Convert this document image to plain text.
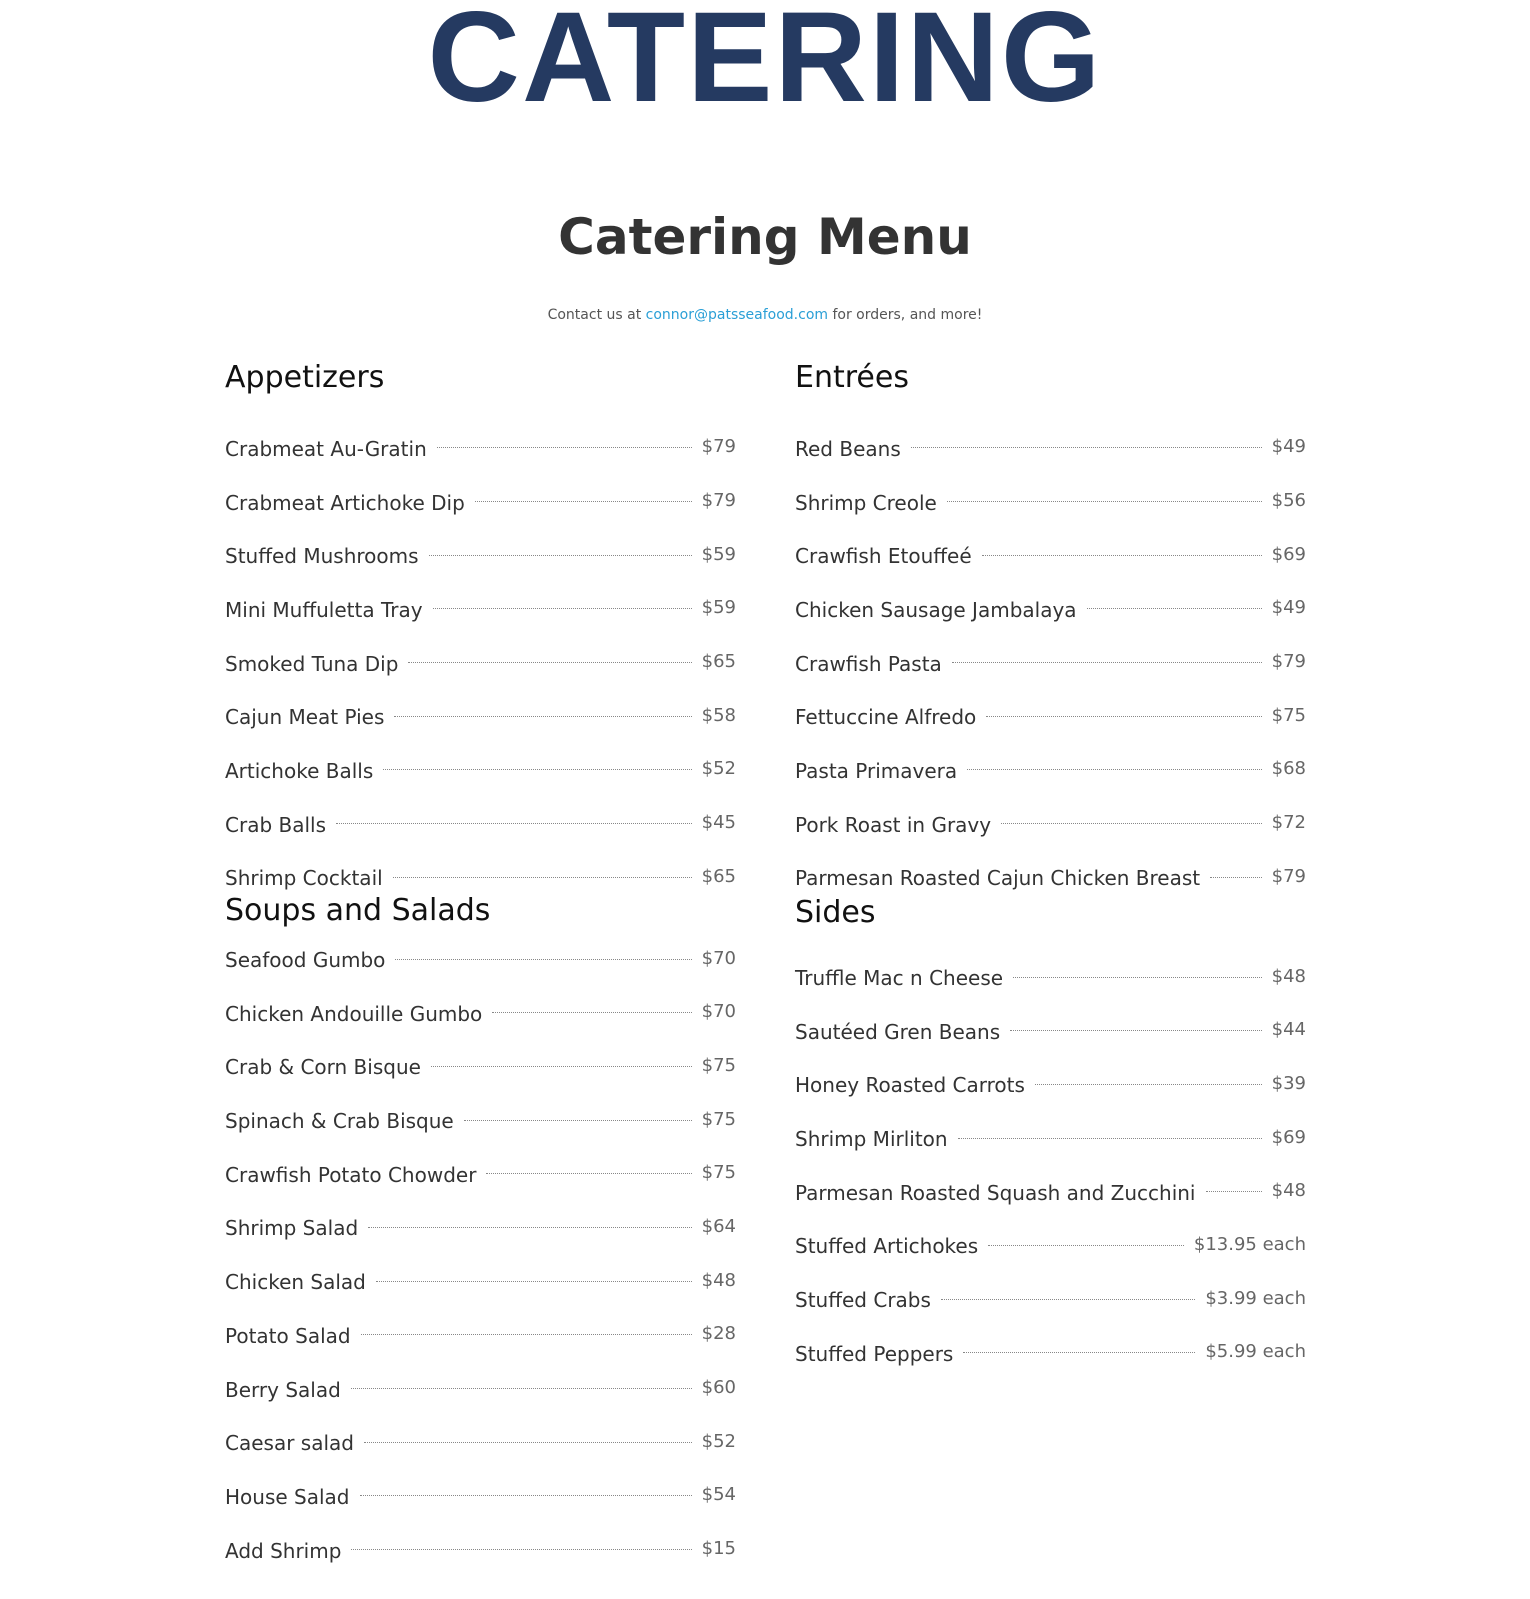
CATERING
Catering Menu

Contact us at connor@patsseafood.com for orders, and more!

Appetizers
Crabmeat Au-Gratin	$79
Crabmeat Artichoke Dip	$79
Stuffed Mushrooms	$59
Mini Muffuletta Tray	$59
Smoked Tuna Dip	$65
Cajun Meat Pies	$58
Artichoke Balls	$52
Crab Balls	$45
Shrimp Cocktail	$65
Soups and Salads
Seafood Gumbo	$70
Chicken Andouille Gumbo	$70
Crab & Corn Bisque	$75
Spinach & Crab Bisque	$75
Crawfish Potato Chowder	$75
Shrimp Salad	$64
Chicken Salad	$48
Potato Salad	$28
Berry Salad	$60
Caesar salad	$52
House Salad	$54
Add Shrimp	$15
Entrées
Red Beans	$49
Shrimp Creole	$56
Crawfish Etouffeé	$69
Chicken Sausage Jambalaya	$49
Crawfish Pasta	$79
Fettuccine Alfredo	$75
Pasta Primavera	$68
Pork Roast in Gravy	$72
Parmesan Roasted Cajun Chicken Breast	$79
Sides
Truffle Mac n Cheese	$48
Sautéed Gren Beans	$44
Honey Roasted Carrots	$39
Shrimp Mirliton	$69
Parmesan Roasted Squash and Zucchini	$48
Stuffed Artichokes	$13.95 each
Stuffed Crabs	$3.99 each
Stuffed Peppers	$5.99 each
